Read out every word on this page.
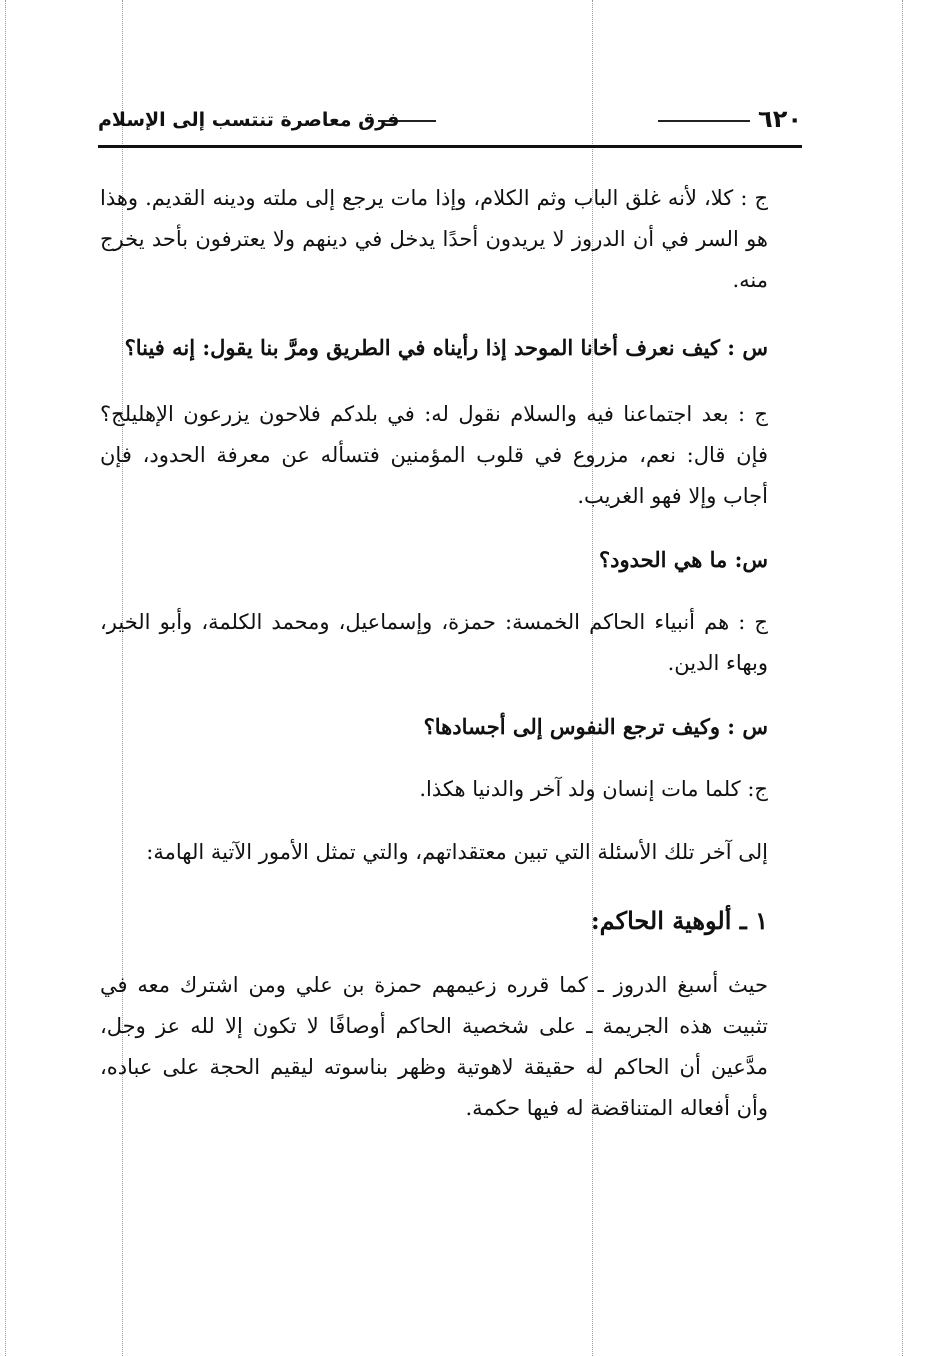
٦٢٠
فرق معاصرة تنتسب إلى الإسلام

ج : كلا، لأنه غلق الباب وثم الكلام، وإذا مات يرجع إلى ملته ودينه القديم. وهذا هو السر في أن الدروز لا يريدون أحدًا يدخل في دينهم ولا يعترفون بأحد يخرج منه.

س : كيف نعرف أخانا الموحد إذا رأيناه في الطريق ومرَّ بنا يقول: إنه فينا؟

ج : بعد اجتماعنا فيه والسلام نقول له: في بلدكم فلاحون يزرعون الإهليلج؟ فإن قال: نعم، مزروع في قلوب المؤمنين فتسأله عن معرفة الحدود، فإن أجاب وإلا فهو الغريب.

س: ما هي الحدود؟

ج : هم أنبياء الحاكم الخمسة: حمزة، وإسماعيل، ومحمد الكلمة، وأبو الخير، وبهاء الدين.

س : وكيف ترجع النفوس إلى أجسادها؟

ج: كلما مات إنسان ولد آخر والدنيا هكذا.

إلى آخر تلك الأسئلة التي تبين معتقداتهم، والتي تمثل الأمور الآتية الهامة:

١ ـ ألوهية الحاكم:

حيث أسبغ الدروز ـ كما قرره زعيمهم حمزة بن علي ومن اشترك معه في تثبيت هذه الجريمة ـ على شخصية الحاكم أوصافًا لا تكون إلا لله عز وجل، مدَّعين أن الحاكم له حقيقة لاهوتية وظهر بناسوته ليقيم الحجة على عباده، وأن أفعاله المتناقضة له فيها حكمة.
